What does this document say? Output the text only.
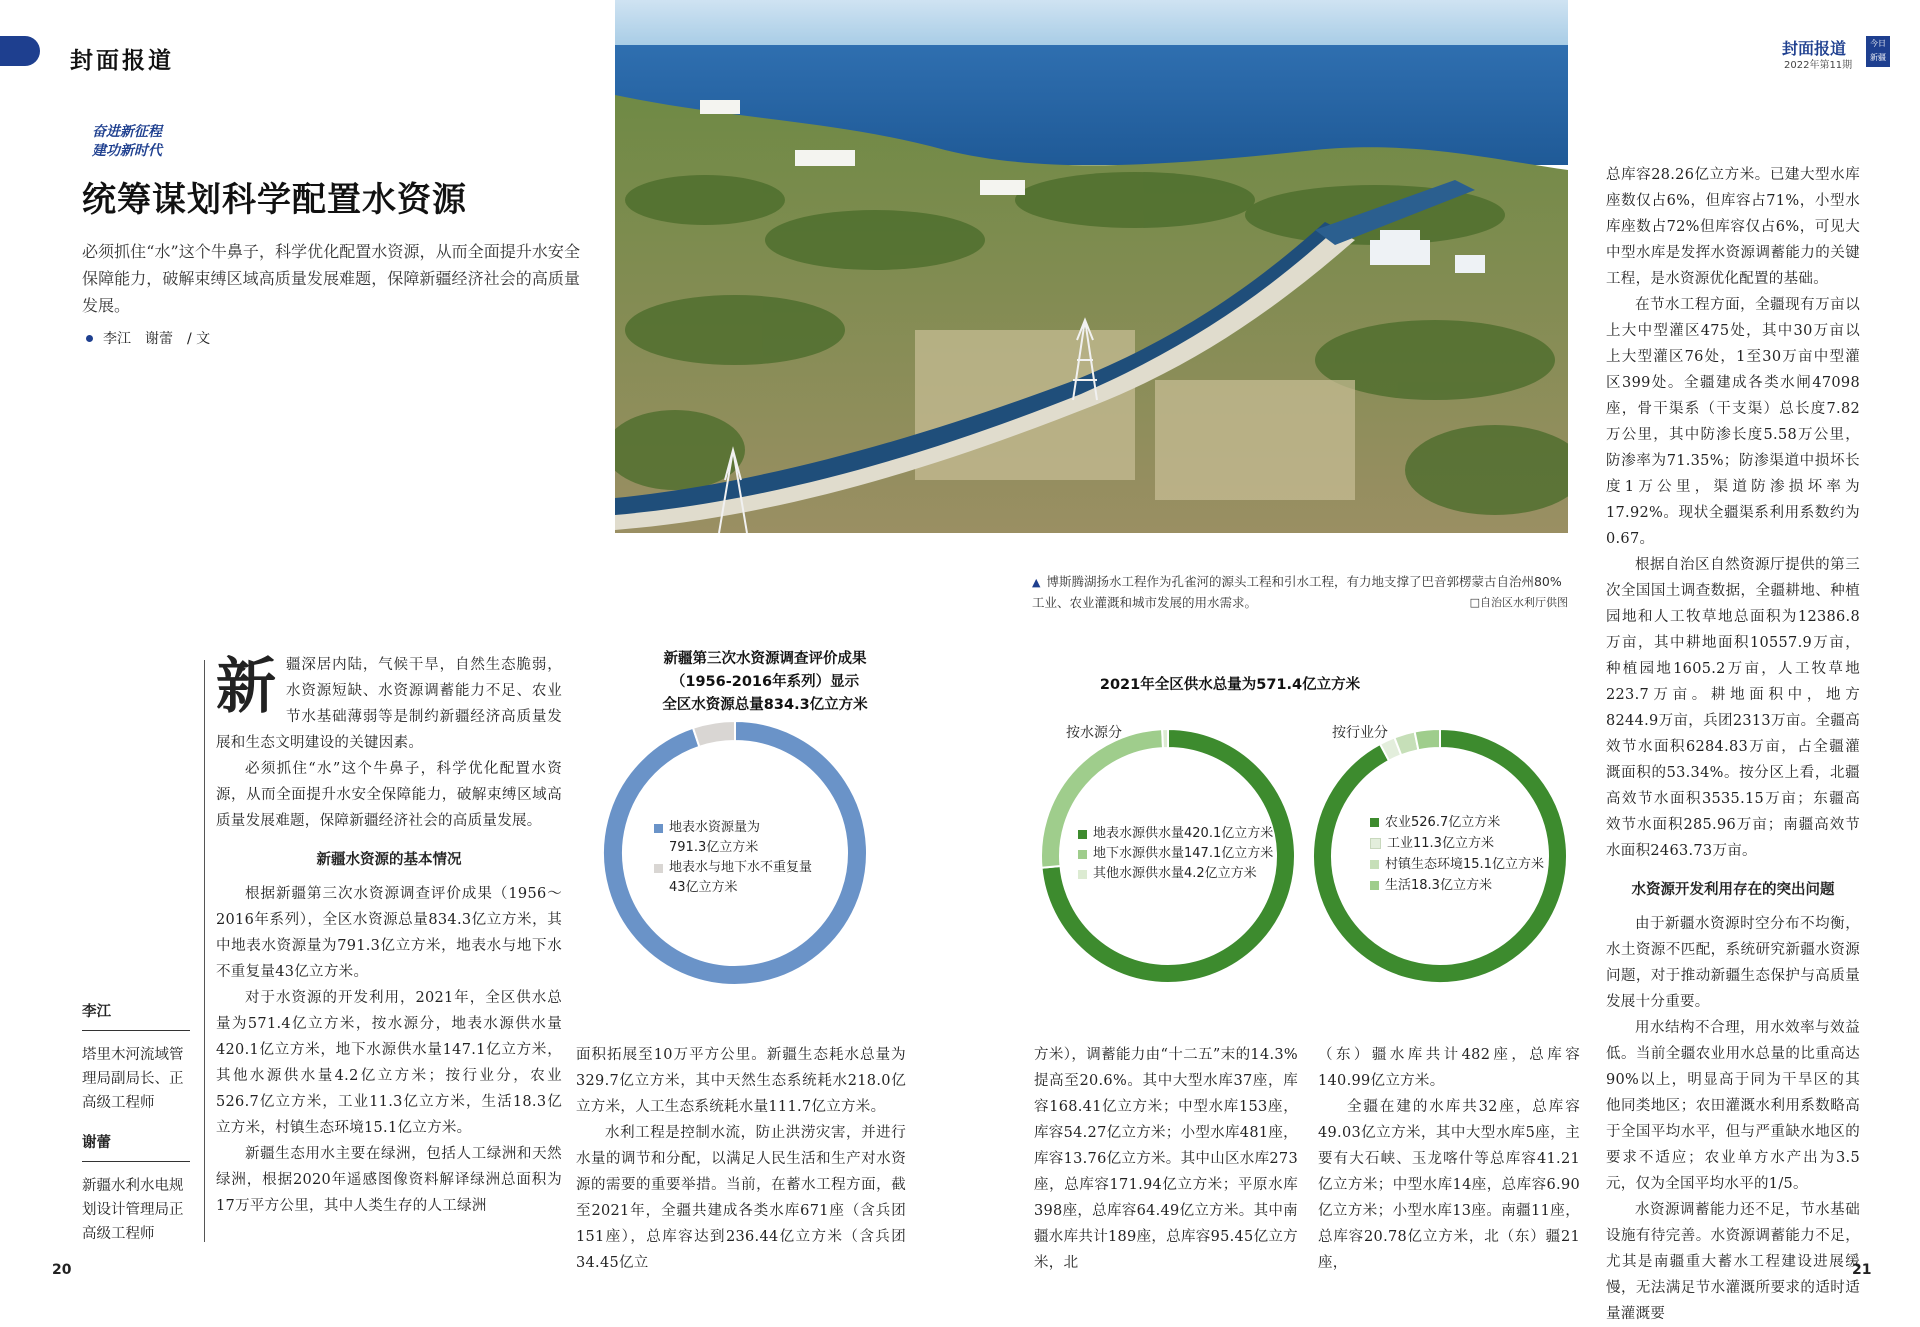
封面报道	封面报道
2022年第11期
今日
新疆
奋进新征程
建功新时代
统筹谋划科学配置水资源
必须抓住“水”这个牛鼻子，科学优化配置水资源，从而全面提升水安全保障能力，破解束缚区域高质量发展难题，保障新疆经济社会的高质量发展。
李江　谢蕾　/ 文
▲ 博斯腾湖扬水工程作为孔雀河的源头工程和引水工程，有力地支撑了巴音郭楞蒙古自治州80%工业、农业灌溉和城市发展的用水需求。	□自治区水利厅供图
新疆第三次水资源调查评价成果
（1956-2016年系列）显示
全区水资源总量834.3亿立方米
地表水资源量为
791.3亿立方米
地表水与地下水不重复量
43亿立方米
2021年全区供水总量为571.4亿立方米
按水源分	按行业分
地表水源供水量420.1亿立方米
地下水源供水量147.1亿立方米
其他水源供水量4.2亿立方米
农业526.7亿立方米
工业11.3亿立方米
村镇生态环境15.1亿立方米
生活18.3亿立方米
李江
塔里木河流域管理局副局长、正高级工程师
谢蕾
新疆水利水电规划设计管理局正高级工程师
新 疆深居内陆，气候干旱，自然生态脆弱，水资源短缺、水资源调蓄能力不足、农业节水基础薄弱等是制约新疆经济高质量发展和生态文明建设的关键因素。

必须抓住“水”这个牛鼻子，科学优化配置水资源，从而全面提升水安全保障能力，破解束缚区域高质量发展难题，保障新疆经济社会的高质量发展。

新疆水资源的基本情况

根据新疆第三次水资源调查评价成果（1956～2016年系列），全区水资源总量834.3亿立方米，其中地表水资源量为791.3亿立方米，地表水与地下水不重复量43亿立方米。

对于水资源的开发利用，2021年，全区供水总量为571.4亿立方米，按水源分，地表水源供水量420.1亿立方米，地下水源供水量147.1亿立方米，其他水源供水量4.2亿立方米；按行业分，农业526.7亿立方米，工业11.3亿立方米，生活18.3亿立方米，村镇生态环境15.1亿立方米。

新疆生态用水主要在绿洲，包括人工绿洲和天然绿洲，根据2020年遥感图像资料解译绿洲总面积为17万平方公里，其中人类生存的人工绿洲

面积拓展至10万平方公里。新疆生态耗水总量为329.7亿立方米，其中天然生态系统耗水218.0亿立方米，人工生态系统耗水量111.7亿立方米。

水利工程是控制水流，防止洪涝灾害，并进行水量的调节和分配，以满足人民生活和生产对水资源的需要的重要举措。当前，在蓄水工程方面，截至2021年，全疆共建成各类水库671座（含兵团151座），总库容达到236.44亿立方米（含兵团34.45亿立

方米），调蓄能力由“十二五”末的14.3%提高至20.6%。其中大型水库37座，库容168.41亿立方米；中型水库153座，库容54.27亿立方米；小型水库481座，库容13.76亿立方米。其中山区水库273座，总库容171.94亿立方米；平原水库398座，总库容64.49亿立方米。其中南疆水库共计189座，总库容95.45亿立方米，北

（东）疆水库共计482座，总库容140.99亿立方米。

全疆在建的水库共32座，总库容49.03亿立方米，其中大型水库5座，主要有大石峡、玉龙喀什等总库容41.21亿立方米；中型水库14座，总库容6.90亿立方米；小型水库13座。南疆11座，总库容20.78亿立方米，北（东）疆21座，

总库容28.26亿立方米。已建大型水库座数仅占6%，但库容占71%，小型水库座数占72%但库容仅占6%，可见大中型水库是发挥水资源调蓄能力的关键工程，是水资源优化配置的基础。

在节水工程方面，全疆现有万亩以上大中型灌区475处，其中30万亩以上大型灌区76处，1至30万亩中型灌区399处。全疆建成各类水闸47098座，骨干渠系（干支渠）总长度7.82万公里，其中防渗长度5.58万公里，防渗率为71.35%；防渗渠道中损坏长度1万公里，渠道防渗损坏率为17.92%。现状全疆渠系利用系数约为0.67。

根据自治区自然资源厅提供的第三次全国国土调查数据，全疆耕地、种植园地和人工牧草地总面积为12386.8万亩，其中耕地面积10557.9万亩，种植园地1605.2万亩，人工牧草地223.7万亩。耕地面积中，地方8244.9万亩，兵团2313万亩。全疆高效节水面积6284.83万亩，占全疆灌溉面积的53.34%。按分区上看，北疆高效节水面积3535.15万亩；东疆高效节水面积285.96万亩；南疆高效节水面积2463.73万亩。

水资源开发利用存在的突出问题

由于新疆水资源时空分布不均衡，水土资源不匹配，系统研究新疆水资源问题，对于推动新疆生态保护与高质量发展十分重要。

用水结构不合理，用水效率与效益低。当前全疆农业用水总量的比重高达90%以上，明显高于同为干旱区的其他同类地区；农田灌溉水利用系数略高于全国平均水平，但与严重缺水地区的要求不适应；农业单方水产出为3.5元，仅为全国平均水平的1/5。

水资源调蓄能力还不足，节水基础设施有待完善。水资源调蓄能力不足，尤其是南疆重大蓄水工程建设进展缓慢，无法满足节水灌溉所要求的适时适量灌溉要

20	21
